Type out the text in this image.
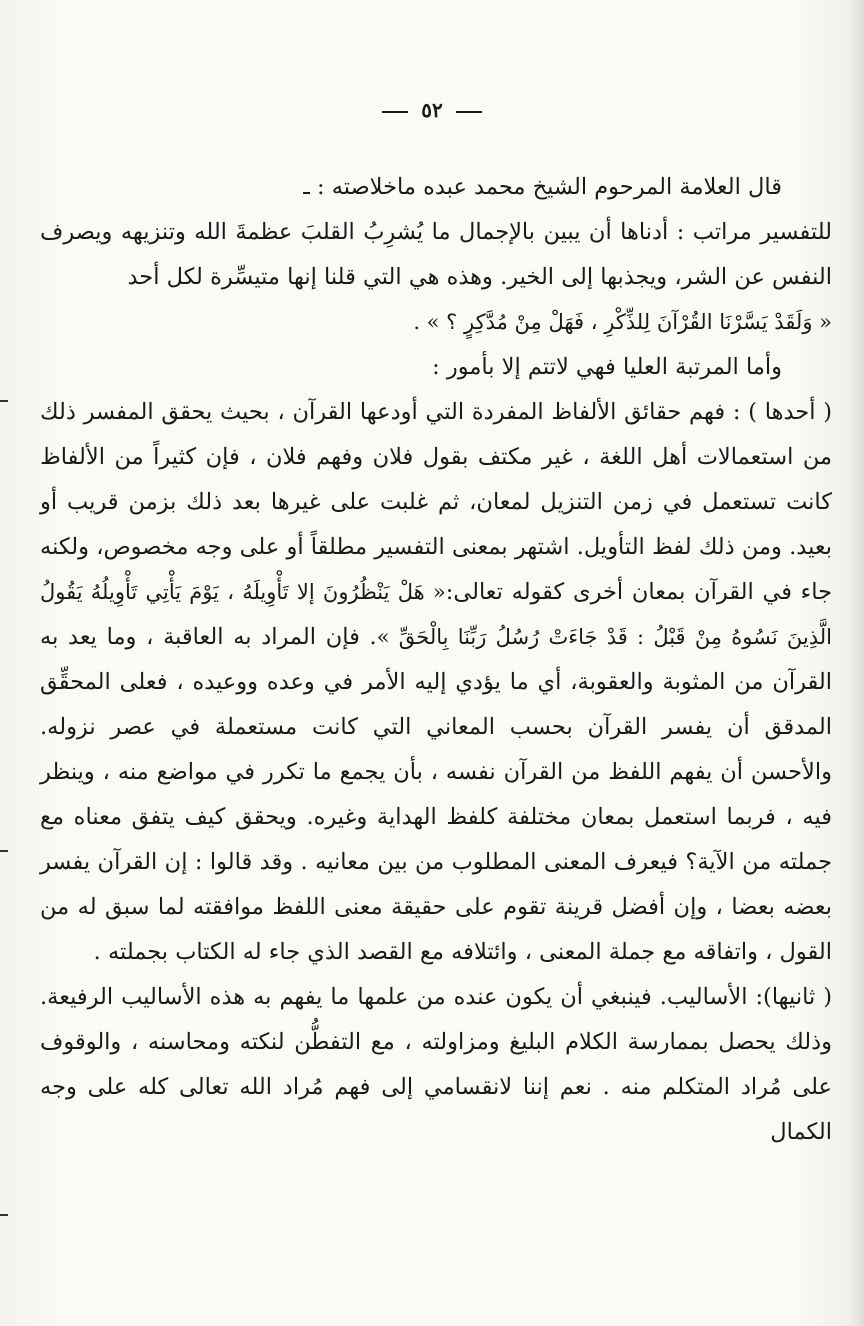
٥٢

قال العلامة المرحوم الشيخ محمد عبده ماخلاصته : ـ

للتفسير مراتب : أدناها أن يبين بالإجمال ما يُشرِبُ القلبَ عظمةَ الله وتنزيهه ويصرف النفس عن الشر، ويجذبها إلى الخير. وهذه هي التي قلنا إنها متيسِّرة لكل أحد
« وَلَقَدْ يَسَّرْنَا القُرْآنَ لِلذِّكْرِ ، فَهَلْ مِنْ مُدَّكِرٍ ؟ » .

وأما المرتبة العليا فهي لاتتم إلا بأمور :

( أحدها ) : فهم حقائق الألفاظ المفردة التي أودعها القرآن ، بحيث يحقق المفسر ذلك من استعمالات أهل اللغة ، غير مكتف بقول فلان وفهم فلان ، فإن كثيراً من الألفاظ كانت تستعمل في زمن التنزيل لمعان، ثم غلبت على غيرها بعد ذلك بزمن قريب أو بعيد. ومن ذلك لفظ التأويل. اشتهر بمعنى التفسير مطلقاً أو على وجه مخصوص، ولكنه جاء في القرآن بمعان أخرى كقوله تعالى:« هَلْ يَنْظُرُونَ إلا تَأْوِيلَهُ ، يَوْمَ يَأْتِي تَأْوِيلُهُ يَقُولُ الَّذِينَ نَسُوهُ مِنْ قَبْلُ : قَدْ جَاءَتْ رُسُلُ رَبِّنَا بِالْحَقِّ ». فإن المراد به العاقبة ، وما يعد به القرآن من المثوبة والعقوبة، أي ما يؤدي إليه الأمر في وعده ووعيده ، فعلى المحقِّق المدقق أن يفسر القرآن بحسب المعاني التي كانت مستعملة في عصر نزوله. والأحسن أن يفهم اللفظ من القرآن نفسه ، بأن يجمع ما تكرر في مواضع منه ، وينظر فيه ، فربما استعمل بمعان مختلفة كلفظ الهداية وغيره. ويحقق كيف يتفق معناه مع جملته من الآية؟ فيعرف المعنى المطلوب من بين معانيه . وقد قالوا : إن القرآن يفسر بعضه بعضا ، وإن أفضل قرينة تقوم على حقيقة معنى اللفظ موافقته لما سبق له من القول ، واتفاقه مع جملة المعنى ، وائتلافه مع القصد الذي جاء له الكتاب بجملته .

( ثانيها): الأساليب. فينبغي أن يكون عنده من علمها ما يفهم به هذه الأساليب الرفيعة. وذلك يحصل بممارسة الكلام البليغ ومزاولته ، مع التفطُّن لنكته ومحاسنه ، والوقوف على مُراد المتكلم منه . نعم إننا لانقسامي إلى فهم مُراد الله تعالى كله على وجه الكمال
